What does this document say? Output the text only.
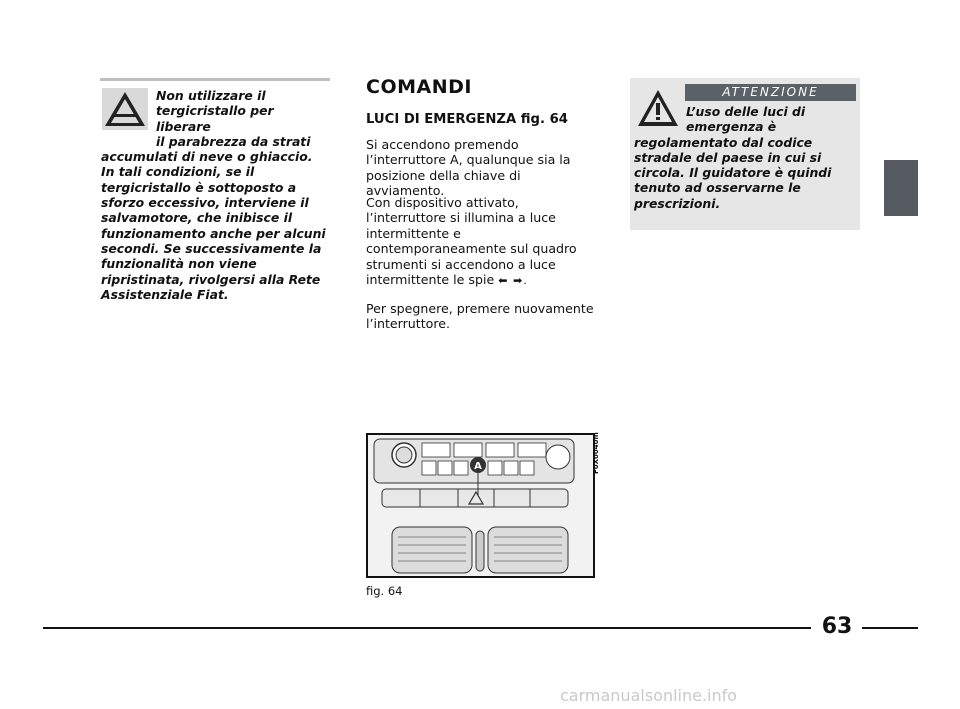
Non utilizzare il
tergicristallo per liberare
il parabrezza da strati
accumulati di neve o ghiaccio.
In tali condizioni, se il
tergicristallo è sottoposto a
sforzo eccessivo, interviene il
salvamotore, che inibisce il
funzionamento anche per alcuni
secondi. Se successivamente la
funzionalità non viene
ripristinata, rivolgersi alla Rete
Assistenziale Fiat.
COMANDI
LUCI DI EMERGENZA fig. 64
Si accendono premendo l’interruttore A, qualunque sia la posizione della chiave di avviamento.
Con dispositivo attivato, l’interruttore si illumina a luce intermittente e contemporaneamente sul quadro strumenti si accendono a luce intermittente le spie ⬅ ➡.
Per spegnere, premere nuovamente l’interruttore.
A	F0X0040m
fig. 64
ATTENZIONE
L’uso delle luci di
emergenza è
regolamentato dal codice
stradale del paese in cui si
circola. Il guidatore è quindi
tenuto ad osservarne le
prescrizioni.
63
carmanualsonline.info
